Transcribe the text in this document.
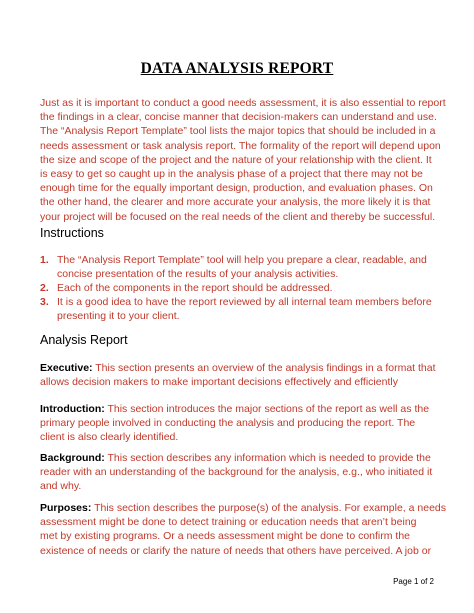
DATA ANALYSIS REPORT
Just as it is important to conduct a good needs assessment, it is also essential to report
the findings in a clear, concise manner that decision-makers can understand and use.
The “Analysis Report Template” tool lists the major topics that should be included in a
needs assessment or task analysis report. The formality of the report will depend upon
the size and scope of the project and the nature of your relationship with the client. It
is easy to get so caught up in the analysis phase of a project that there may not be
enough time for the equally important design, production, and evaluation phases. On
the other hand, the clearer and more accurate your analysis, the more likely it is that
your project will be focused on the real needs of the client and thereby be successful.
Instructions
1. The “Analysis Report Template” tool will help you prepare a clear, readable, and
concise presentation of the results of your analysis activities.
2. Each of the components in the report should be addressed.
3. It is a good idea to have the report reviewed by all internal team members before
presenting it to your client.
Analysis Report
Executive: This section presents an overview of the analysis findings in a format that
allows decision makers to make important decisions effectively and efficiently
Introduction: This section introduces the major sections of the report as well as the
primary people involved in conducting the analysis and producing the report. The
client is also clearly identified.
Background: This section describes any information which is needed to provide the
reader with an understanding of the background for the analysis, e.g., who initiated it
and why.
Purposes: This section describes the purpose(s) of the analysis. For example, a needs
assessment might be done to detect training or education needs that aren’t being
met by existing programs. Or a needs assessment might be done to confirm the
existence of needs or clarify the nature of needs that others have perceived. A job or
Page 1 of 2
